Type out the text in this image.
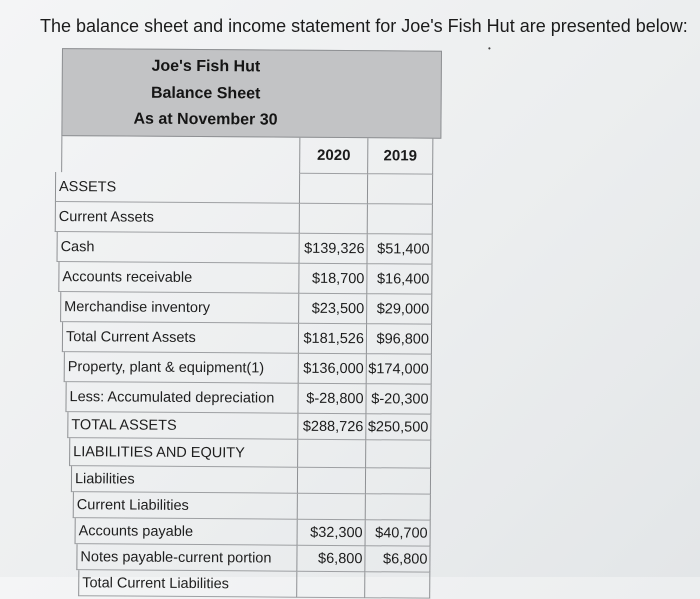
The balance sheet and income statement for Joe's Fish Hut are presented below:
•
Joe's Fish Hut
Balance Sheet
As at November 30
2020	2019
ASSETS
Current Assets
Cash	$139,326 $51,400
Accounts receivable	$18,700 $16,400
Merchandise inventory	$23,500 $29,000
Total Current Assets	$181,526 $96,800
Property, plant & equipment(1)	$136,000 $174,000
Less: Accumulated depreciation	$-28,800 $-20,300
TOTAL ASSETS	$288,726 $250,500
LIABILITIES AND EQUITY
Liabilities
Current Liabilities
Accounts payable	$32,300 $40,700
Notes payable-current portion	$6,800	$6,800
Total Current Liabilities
